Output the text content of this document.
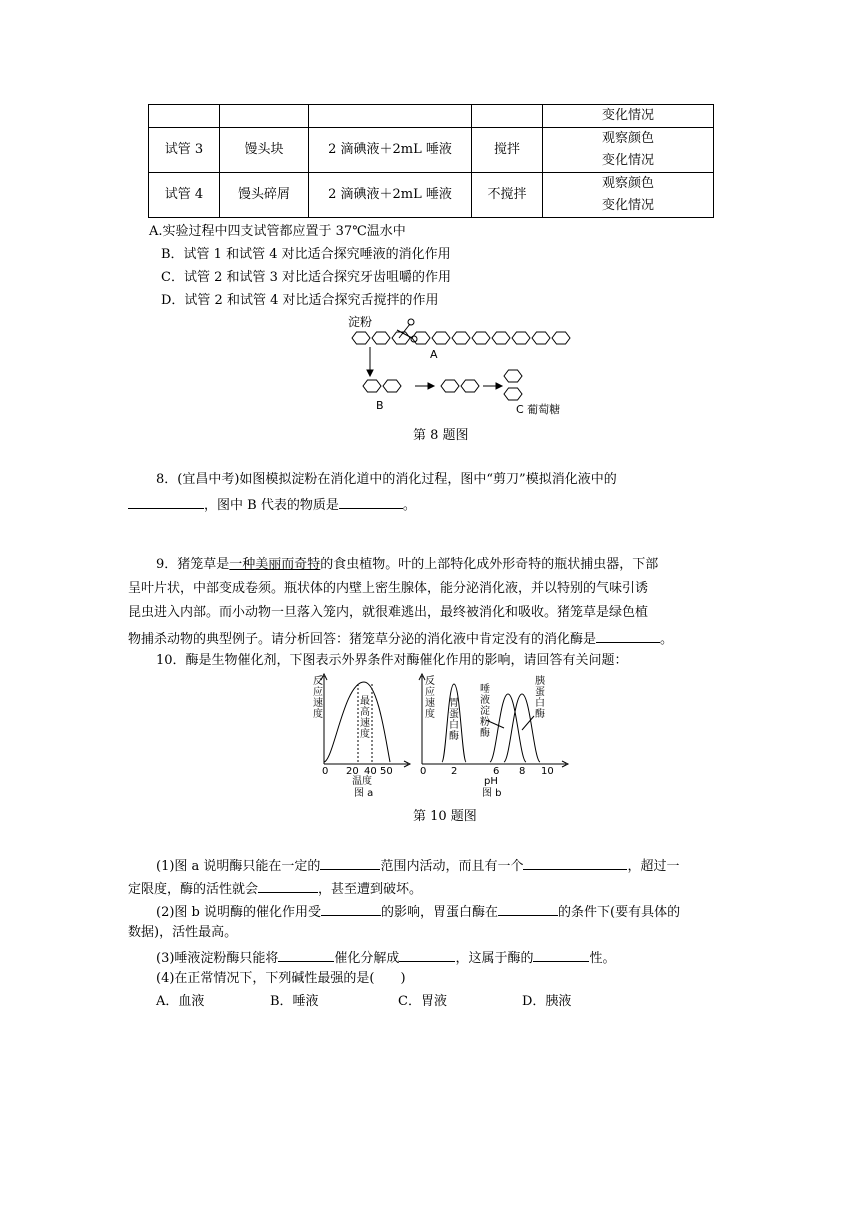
				变化情况
试管 3	馒头块	2 滴碘液＋2mL 唾液	搅拌	观察颜色
变化情况

试管 4	馒头碎屑	2 滴碘液＋2mL 唾液	不搅拌	观察颜色
变化情况
A.实验过程中四支试管都应置于 37℃温水中
B．试管 1 和试管 4 对比适合探究唾液的消化作用
C．试管 2 和试管 3 对比适合探究牙齿咀嚼的作用
D．试管 2 和试管 4 对比适合探究舌搅拌的作用
淀粉
A
B	C 葡萄糖
第 8 题图
8．(宜昌中考)如图模拟淀粉在消化道中的消化过程，图中“剪刀”模拟消化液中的
，图中 B 代表的物质是	。
9．猪笼草是一种美丽而奇特的食虫植物。叶的上部特化成外形奇特的瓶状捕虫器，下部
呈叶片状，中部变成卷须。瓶状体的内壁上密生腺体，能分泌消化液，并以特别的气味引诱
昆虫进入内部。而小动物一旦落入笼内，就很难逃出，最终被消化和吸收。猪笼草是绿色植
物捕杀动物的典型例子。请分析回答：猪笼草分泌的消化液中肯定没有的消化酶是	。
10．酶是生物催化剂，下图表示外界条件对酶催化作用的影响，请回答有关问题：
反
应
速
度
最
高
速
度
0 20 40 50
温度
图 a
反
应
速
度
胃
蛋
白
酶
唾
液
淀
粉
酶
胰
蛋
白
酶
0 2	6 8 10
pH
图 b
第 10 题图
(1)图 a 说明酶只能在一定的	范围内活动，而且有一个	，超过一
定限度，酶的活性就会	，甚至遭到破坏。
(2)图 b 说明酶的催化作用受	的影响，胃蛋白酶在	的条件下(要有具体的
数据)，活性最高。
(3)唾液淀粉酶只能将	催化分解成	，这属于酶的	性。
(4)在正常情况下，下列碱性最强的是(　　)
A．血液	B．唾液	C．胃液	D．胰液
